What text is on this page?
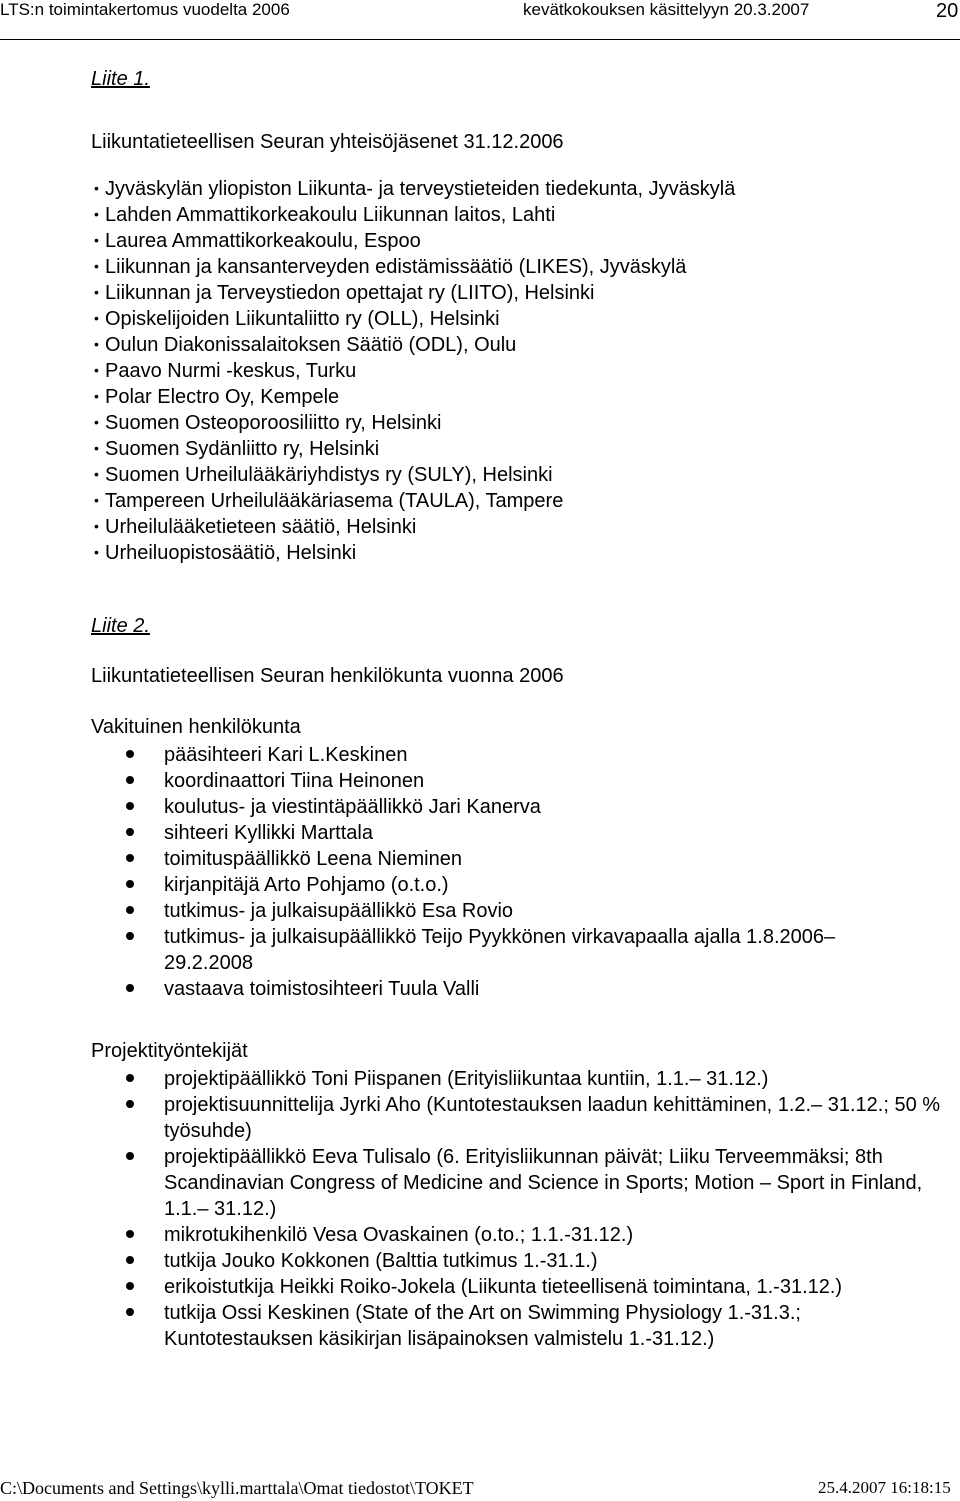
LTS:n toimintakertomus vuodelta 2006	kevätkokouksen käsittelyyn 20.3.2007	20

Liite 1.

Liikuntatieteellisen Seuran yhteisöjäsenet 31.12.2006

• Jyväskylän yliopiston Liikunta- ja terveystieteiden tiedekunta, Jyväskylä
• Lahden Ammattikorkeakoulu Liikunnan laitos, Lahti
• Laurea Ammattikorkeakoulu, Espoo
• Liikunnan ja kansanterveyden edistämissäätiö (LIKES), Jyväskylä
• Liikunnan ja Terveystiedon opettajat ry (LIITO), Helsinki
• Opiskelijoiden Liikuntaliitto ry (OLL), Helsinki
• Oulun Diakonissalaitoksen Säätiö (ODL), Oulu
• Paavo Nurmi -keskus, Turku
• Polar Electro Oy, Kempele
• Suomen Osteoporoosiliitto ry, Helsinki
• Suomen Sydänliitto ry, Helsinki
• Suomen Urheilulääkäriyhdistys ry (SULY), Helsinki
• Tampereen Urheilulääkäriasema (TAULA), Tampere
• Urheilulääketieteen säätiö, Helsinki
• Urheiluopistosäätiö, Helsinki

Liite 2.

Liikuntatieteellisen Seuran henkilökunta vuonna 2006

Vakituinen henkilökunta

pääsihteeri Kari L.Keskinen
koordinaattori Tiina Heinonen
koulutus- ja viestintäpäällikkö Jari Kanerva
sihteeri Kyllikki Marttala
toimituspäällikkö Leena Nieminen
kirjanpitäjä Arto Pohjamo (o.t.o.)
tutkimus- ja julkaisupäällikkö Esa Rovio
tutkimus- ja julkaisupäällikkö Teijo Pyykkönen virkavapaalla ajalla 1.8.2006– 29.2.2008
vastaava toimistosihteeri Tuula Valli

Projektityöntekijät

projektipäällikkö Toni Piispanen (Erityisliikuntaa kuntiin, 1.1.– 31.12.)
projektisuunnittelija Jyrki Aho (Kuntotestauksen laadun kehittäminen, 1.2.– 31.12.; 50 % työsuhde)
projektipäällikkö Eeva Tulisalo (6. Erityisliikunnan päivät; Liiku Terveemmäksi; 8th Scandinavian Congress of Medicine and Science in Sports; Motion – Sport in Finland, 1.1.– 31.12.)
mikrotukihenkilö Vesa Ovaskainen (o.to.; 1.1.-31.12.)
tutkija Jouko Kokkonen (Balttia tutkimus 1.-31.1.)
erikoistutkija Heikki Roiko-Jokela (Liikunta tieteellisenä toimintana, 1.-31.12.)
tutkija Ossi Keskinen (State of the Art on Swimming Physiology 1.-31.3.; Kuntotestauksen käsikirjan lisäpainoksen valmistelu 1.-31.12.)
C:\Documents and Settings\kylli.marttala\Omat tiedostot\TOKET	25.4.2007 16:18:15
